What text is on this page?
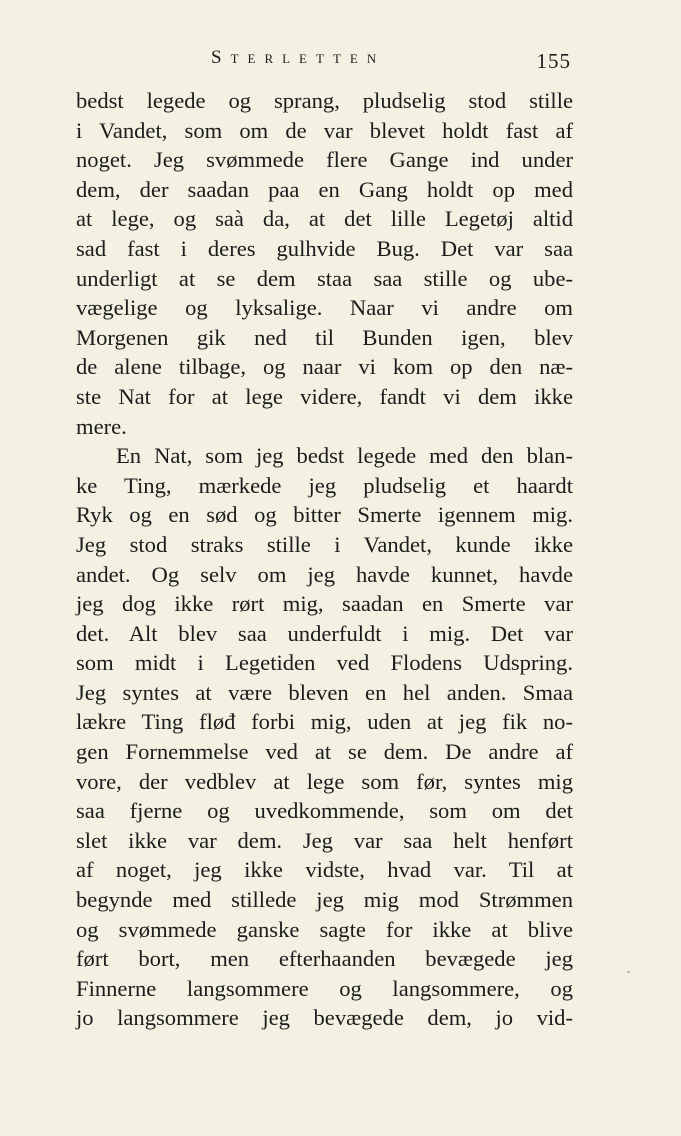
Sterletten	155
bedst legede og sprang, pludselig stod stille
i Vandet, som om de var blevet holdt fast af
noget. Jeg svømmede flere Gange ind under
dem, der saadan paa en Gang holdt op med
at lege, og saà da, at det lille Legetøj altid
sad fast i deres gulhvide Bug. Det var saa
underligt at se dem staa saa stille og ube-
vægelige og lyksalige. Naar vi andre om
Morgenen gik ned til Bunden igen, blev
de alene tilbage, og naar vi kom op den næ-
ste Nat for at lege videre, fandt vi dem ikke
mere.
En Nat, som jeg bedst legede med den blan-
ke Ting, mærkede jeg pludselig et haardt
Ryk og en sød og bitter Smerte igennem mig.
Jeg stod straks stille i Vandet, kunde ikke
andet. Og selv om jeg havde kunnet, havde
jeg dog ikke rørt mig, saadan en Smerte var
det. Alt blev saa underfuldt i mig. Det var
som midt i Legetiden ved Flodens Udspring.
Jeg syntes at være bleven en hel anden. Smaa
lækre Ting fløđ forbi mig, uden at jeg fik no-
gen Fornemmelse ved at se dem. De andre af
vore, der vedblev at lege som før, syntes mig
saa fjerne og uvedkommende, som om det
slet ikke var dem. Jeg var saa helt henført
af noget, jeg ikke vidste, hvad var. Til at
begynde med stillede jeg mig mod Strømmen
og svømmede ganske sagte for ikke at blive
ført bort, men efterhaanden bevægede jeg
Finnerne langsommere og langsommere, og
jo langsommere jeg bevægede dem, jo vid-
